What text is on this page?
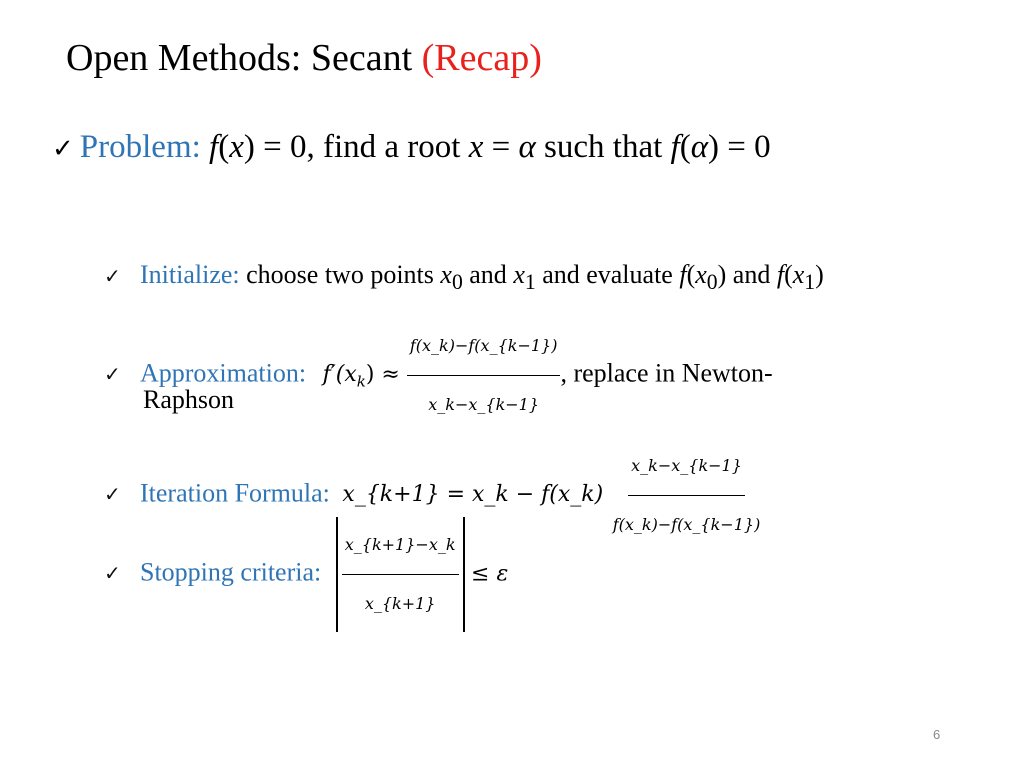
Open Methods: Secant (Recap)
✓ Problem: f(x) = 0, find a root x = α such that f(α) = 0
✓ Initialize: choose two points $x_0$ and $x_1$ and evaluate $f(x_0)$ and $f(x_1)$
✓ Approximation: $f'(x_k) \approx \frac{f(x\_k)-f(x\_\{k-1\})}{x\_k-x\_\{k-1\}}$ , replace in Newton-
Raphson
✓ Iteration Formula: x_{k+1} = x_k − f(x_k) $\frac{x\_k-x\_\{k-1\}}{f(x\_k)-f(x\_\{k-1\})}$
✓ Stopping criteria: $\frac{x\_\{k+1\}-x\_k}{x\_\{k+1\}} \le \varepsilon$
6
